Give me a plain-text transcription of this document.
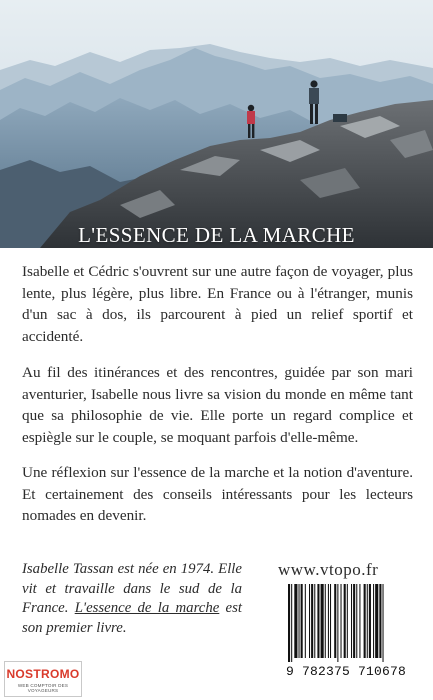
L'ESSENCE DE LA MARCHE

Isabelle et Cédric s'ouvrent sur une autre façon de voyager, plus lente, plus légère, plus libre. En France ou à l'étranger, munis d'un sac à dos, ils parcourent à pied un relief sportif et accidenté.

Au fil des itinérances et des rencontres, guidée par son mari aventurier, Isabelle nous livre sa vision du monde en même tant que sa philosophie de vie. Elle porte un regard complice et espiègle sur le couple, se moquant parfois d'elle-même.

Une réflexion sur l'essence de la marche et la notion d'aventure. Et certainement des conseils intéressants pour les lecteurs nomades en devenir.

Isabelle Tassan est née en 1974. Elle vit et travaille dans le sud de la France. L'essence de la marche est son premier livre.
www.vtopo.fr
9 782375 710678
NOSTROMO
WEB COMPTOIR DES VOYAGEURS
